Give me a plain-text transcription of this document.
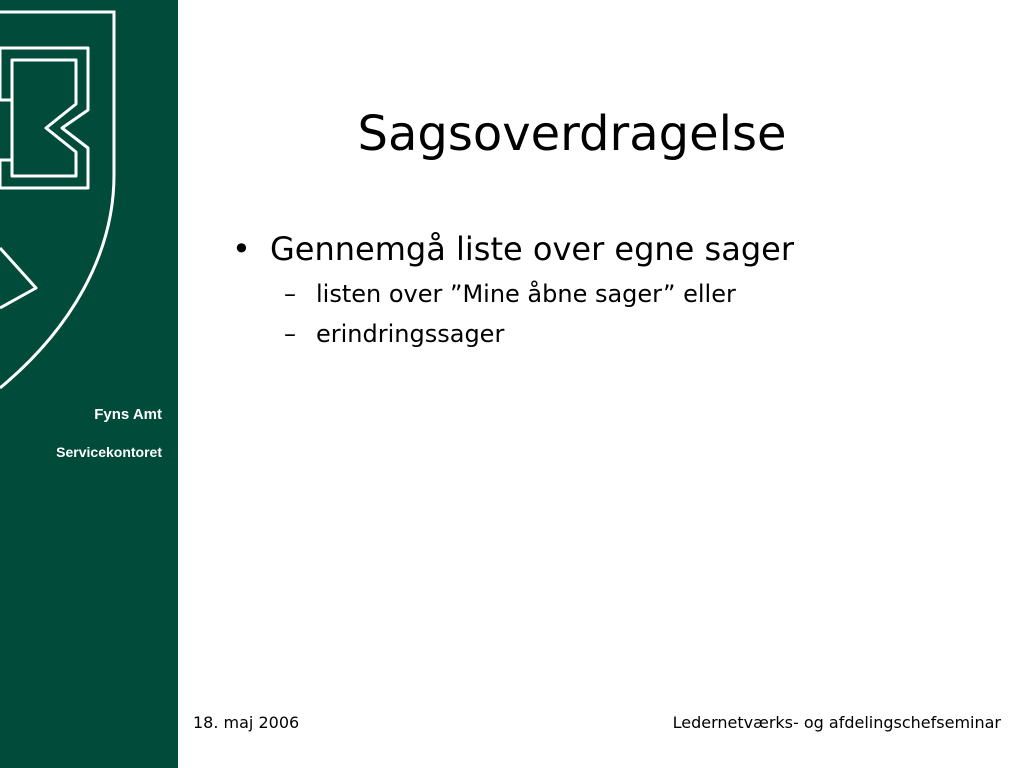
Fyns Amt
Servicekontoret
Sagsoverdragelse
• Gennemgå liste over egne sager
– listen over ”Mine åbne sager” eller
– erindringssager
18. maj 2006	Ledernetværks- og afdelingschefseminar
